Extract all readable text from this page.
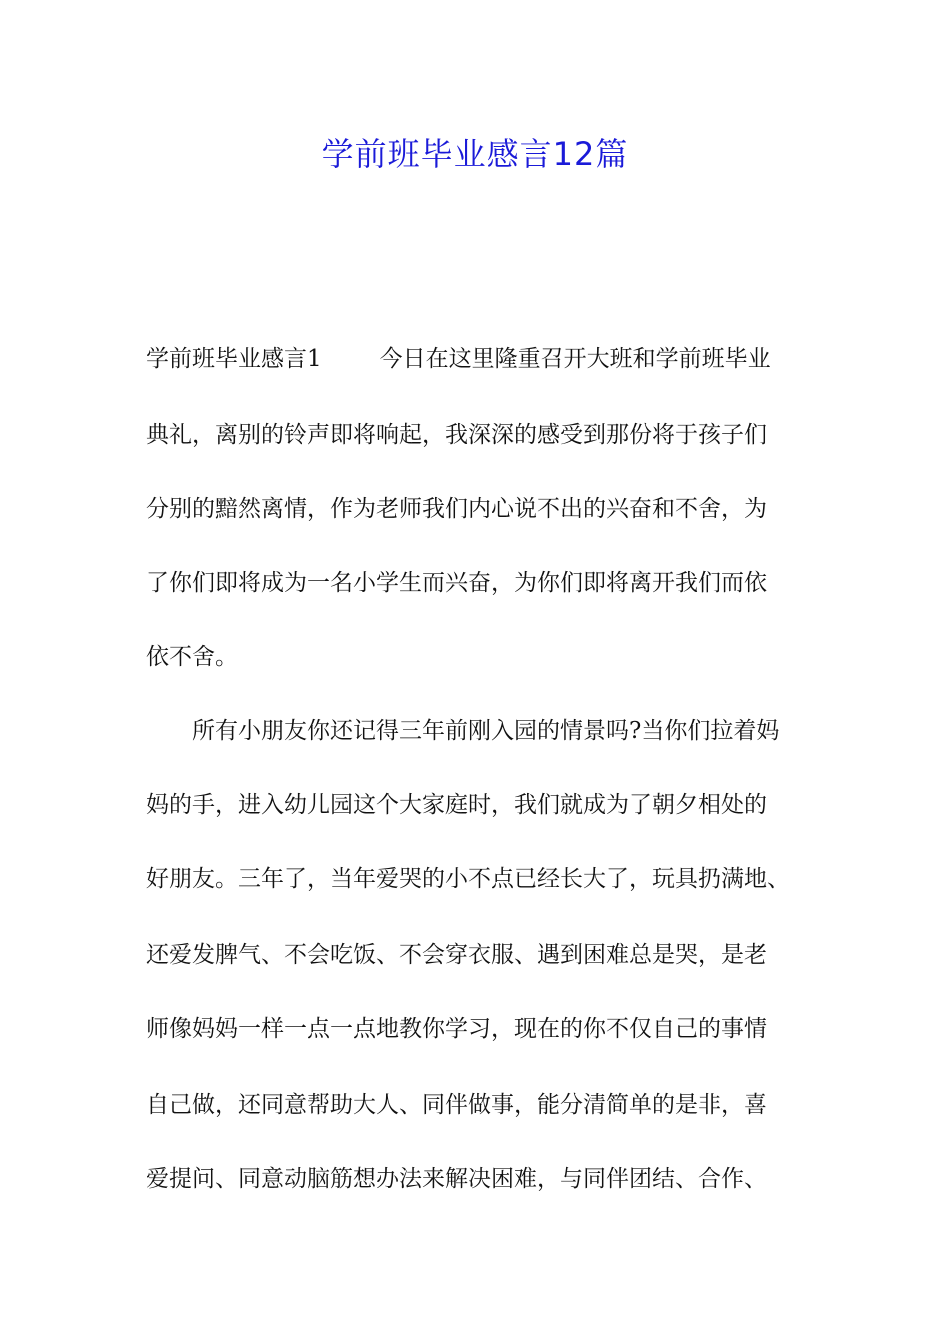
学前班毕业感言12篇
学前班毕业感言1	今日在这里隆重召开大班和学前班毕业
典礼，离别的铃声即将响起，我深深的感受到那份将于孩子们
分别的黯然离情，作为老师我们内心说不出的兴奋和不舍，为
了你们即将成为一名小学生而兴奋，为你们即将离开我们而依
依不舍。
所有小朋友你还记得三年前刚入园的情景吗?当你们拉着妈
妈的手，进入幼儿园这个大家庭时，我们就成为了朝夕相处的
好朋友。三年了，当年爱哭的小不点已经长大了，玩具扔满地、
还爱发脾气、不会吃饭、不会穿衣服、遇到困难总是哭，是老
师像妈妈一样一点一点地教你学习，现在的你不仅自己的事情
自己做，还同意帮助大人、同伴做事，能分清简单的是非，喜
爱提问、同意动脑筋想办法来解决困难，与同伴团结、合作、
